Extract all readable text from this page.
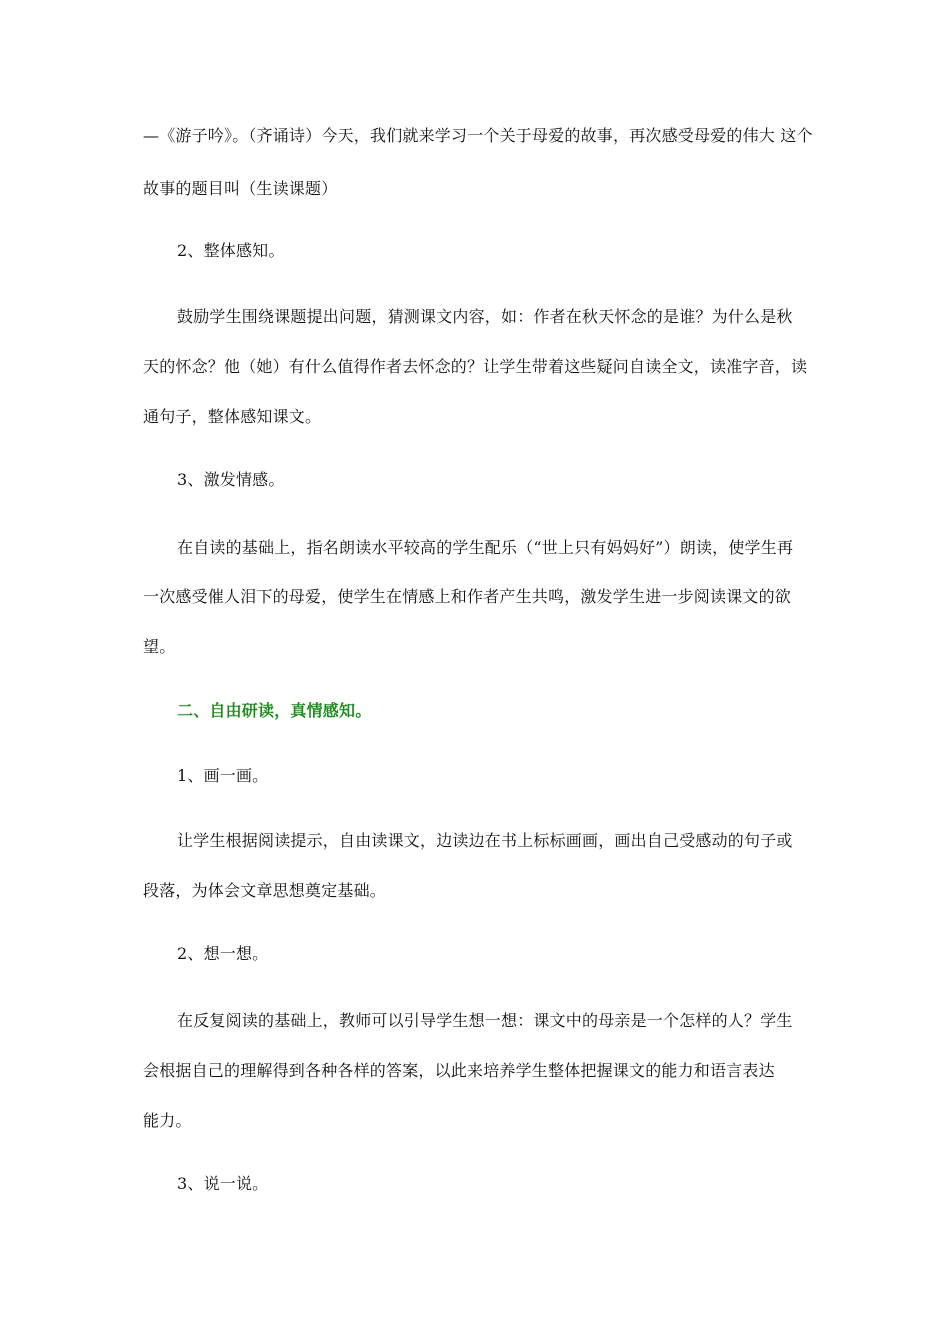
—《游子吟》。（齐诵诗）今天，我们就来学习一个关于母爱的故事，再次感受母爱的伟大 这个
故事的题目叫（生读课题）
2、整体感知。
鼓励学生围绕课题提出问题，猜测课文内容，如：作者在秋天怀念的是谁？为什么是秋
天的怀念？他（她）有什么值得作者去怀念的？让学生带着这些疑问自读全文，读准字音，读
通句子，整体感知课文。
3、激发情感。
在自读的基础上，指名朗读水平较高的学生配乐（“世上只有妈妈好”）朗读，使学生再
一次感受催人泪下的母爱，使学生在情感上和作者产生共鸣，激发学生进一步阅读课文的欲
望。
二、自由研读，真情感知。
1、画一画。
让学生根据阅读提示，自由读课文，边读边在书上标标画画，画出自己受感动的句子或
段落，为体会文章思想奠定基础。
2、想一想。
在反复阅读的基础上，教师可以引导学生想一想：课文中的母亲是一个怎样的人？学生
会根据自己的理解得到各种各样的答案，以此来培养学生整体把握课文的能力和语言表达
能力。
3、说一说。
